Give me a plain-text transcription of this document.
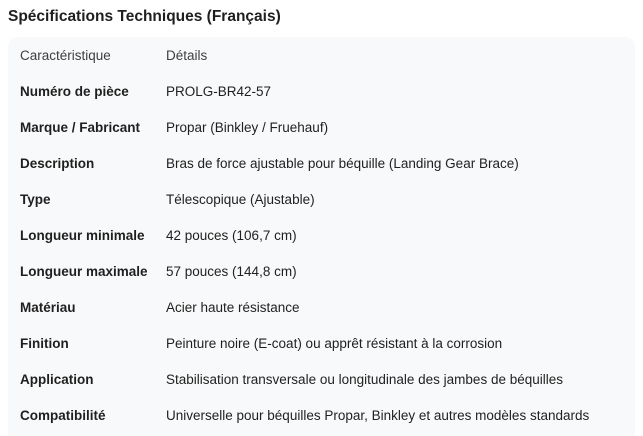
Spécifications Techniques (Français)
Caractéristique	Détails
Numéro de pièce	PROLG-BR42-57
Marque / Fabricant	Propar (Binkley / Fruehauf)
Description	Bras de force ajustable pour béquille (Landing Gear Brace)
Type	Télescopique (Ajustable)
Longueur minimale	42 pouces (106,7 cm)
Longueur maximale	57 pouces (144,8 cm)
Matériau	Acier haute résistance
Finition	Peinture noire (E-coat) ou apprêt résistant à la corrosion
Application	Stabilisation transversale ou longitudinale des jambes de béquilles
Compatibilité	Universelle pour béquilles Propar, Binkley et autres modèles standards
